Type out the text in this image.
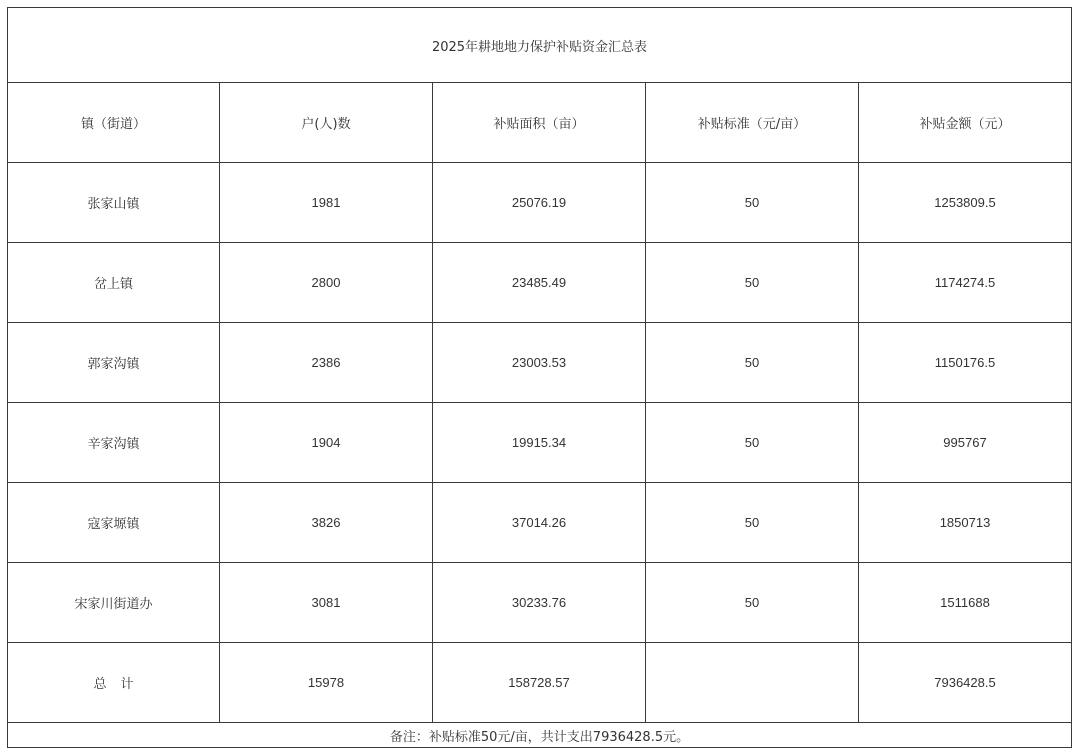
2025年耕地地力保护补贴资金汇总表				
镇（街道）	户(人)数	补贴面积（亩）	补贴标准（元/亩）	补贴金额（元）
张家山镇	1981	25076.19	50	1253809.5
岔上镇	2800	23485.49	50	1174274.5
郭家沟镇	2386	23003.53	50	1150176.5
辛家沟镇	1904	19915.34	50	995767
寇家塬镇	3826	37014.26	50	1850713
宋家川街道办	3081	30233.76	50	1511688
总 计	15978	158728.57		7936428.5
备注：补贴标准50元/亩，共计支出7936428.5元。				
